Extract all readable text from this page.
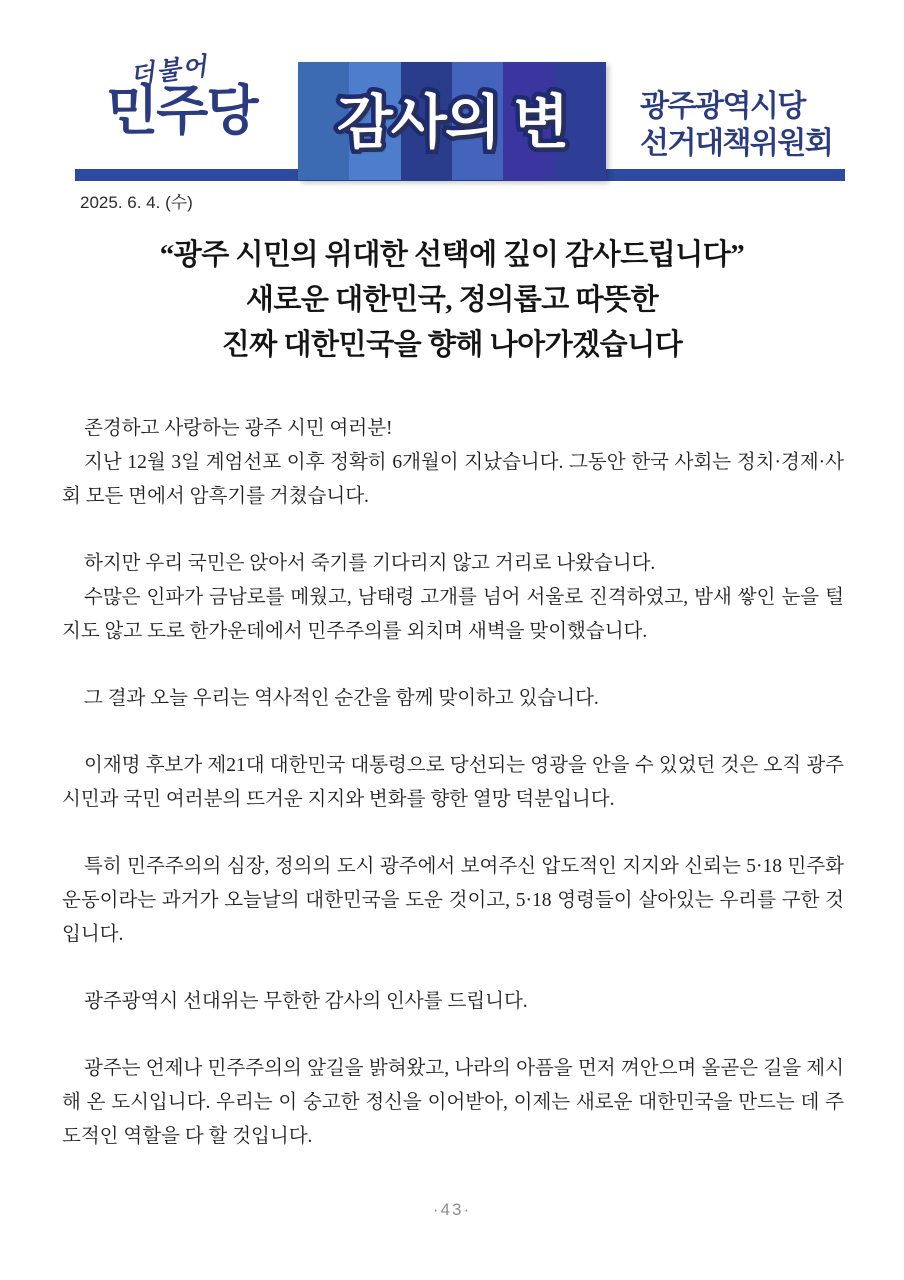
더불어
민주당	감사의 변	광주광역시당
선거대책위원회
2025. 6. 4. (수)
“광주 시민의 위대한 선택에 깊이 감사드립니다”
새로운 대한민국, 정의롭고 따뜻한
진짜 대한민국을 향해 나아가겠습니다

존경하고 사랑하는 광주 시민 여러분!

지난 12월 3일 계엄선포 이후 정확히 6개월이 지났습니다. 그동안 한국 사회는 정치·경제·사회 모든 면에서 암흑기를 거쳤습니다.

하지만 우리 국민은 앉아서 죽기를 기다리지 않고 거리로 나왔습니다.

수많은 인파가 금남로를 메웠고, 남태령 고개를 넘어 서울로 진격하였고, 밤새 쌓인 눈을 털지도 않고 도로 한가운데에서 민주주의를 외치며 새벽을 맞이했습니다.

그 결과 오늘 우리는 역사적인 순간을 함께 맞이하고 있습니다.

이재명 후보가 제21대 대한민국 대통령으로 당선되는 영광을 안을 수 있었던 것은 오직 광주 시민과 국민 여러분의 뜨거운 지지와 변화를 향한 열망 덕분입니다.

특히 민주주의의 심장, 정의의 도시 광주에서 보여주신 압도적인 지지와 신뢰는 5·18 민주화운동이라는 과거가 오늘날의 대한민국을 도운 것이고, 5·18 영령들이 살아있는 우리를 구한 것입니다.

광주광역시 선대위는 무한한 감사의 인사를 드립니다.

광주는 언제나 민주주의의 앞길을 밝혀왔고, 나라의 아픔을 먼저 껴안으며 올곧은 길을 제시해 온 도시입니다. 우리는 이 숭고한 정신을 이어받아, 이제는 새로운 대한민국을 만드는 데 주도적인 역할을 다 할 것입니다.

·43·
